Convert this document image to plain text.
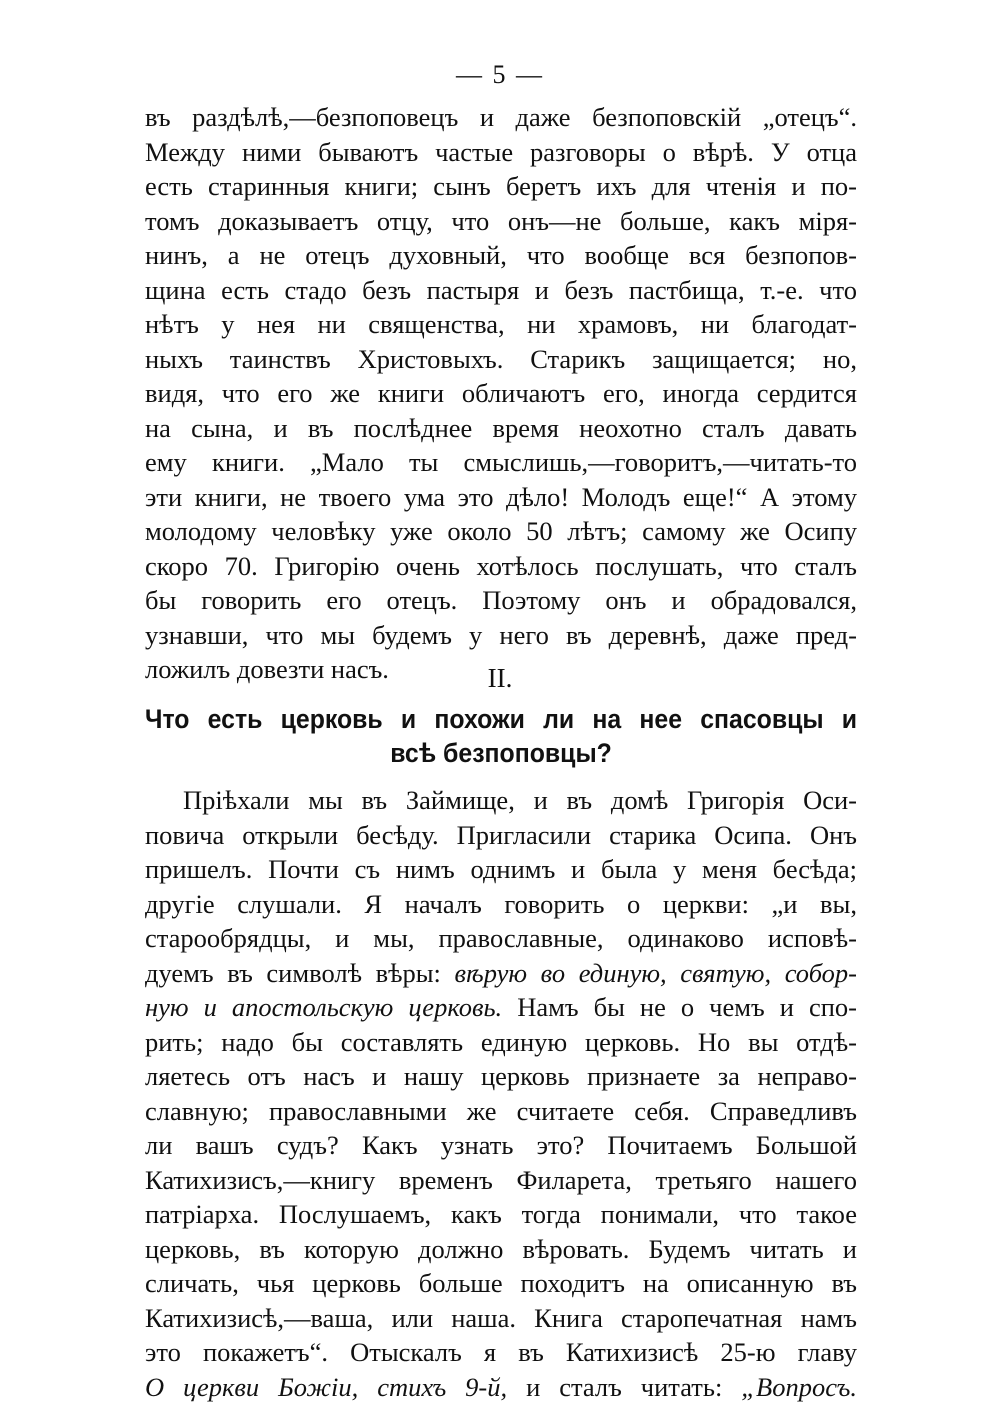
— 5 —
въ раздѣлѣ,—безпоповецъ и даже безпоповскій „отецъ“.
Между ними бываютъ частые разговоры о вѣрѣ. У отца
есть старинныя книги; сынъ беретъ ихъ для чтенія и по-
томъ доказываетъ отцу, что онъ—не больше, какъ міря-
нинъ, а не отецъ духовный, что вообще вся безпопов-
щина есть стадо безъ пастыря и безъ пастбища, т.-е. что
нѣтъ у нея ни священства, ни храмовъ, ни благодат-
ныхъ таинствъ Христовыхъ. Старикъ защищается; но,
видя, что его же книги обличаютъ его, иногда сердится
на сына, и въ послѣднее время неохотно сталъ давать
ему книги. „Мало ты смыслишь,—говоритъ,—читать-то
эти книги, не твоего ума это дѣло! Молодъ еще!“ А этому
молодому человѣку уже около 50 лѣтъ; самому же Осипу
скоро 70. Григорію очень хотѣлось послушать, что сталъ
бы говорить его отецъ. Поэтому онъ и обрадовался,
узнавши, что мы будемъ у него въ деревнѣ, даже пред-
ложилъ довезти насъ.	II.
Что есть церковь и похожи ли на нее спасовцы и
всѣ безпоповцы?
Пріѣхали мы въ Займище, и въ домѣ Григорія Оси-
повича открыли бесѣду. Пригласили старика Осипа. Онъ
пришелъ. Почти съ нимъ однимъ и была у меня бесѣда;
другіе слушали. Я началъ говорить о церкви: „и вы,
старообрядцы, и мы, православные, одинаково исповѣ-
дуемъ въ символѣ вѣры: вѣрую во единую, святую, собор-
ную и апостольскую церковь. Намъ бы не о чемъ и спо-
рить; надо бы составлять единую церковь. Но вы отдѣ-
ляетесь отъ насъ и нашу церковь признаете за неправо-
славную; православными же считаете себя. Справедливъ
ли вашъ судъ? Какъ узнать это? Почитаемъ Большой
Катихизисъ,—книгу временъ Филарета, третьяго нашего
патріарха. Послушаемъ, какъ тогда понимали, что такое
церковь, въ которую должно вѣровать. Будемъ читать и
сличать, чья церковь больше походитъ на описанную въ
Катихизисѣ,—ваша, или наша. Книга старопечатная намъ
это покажетъ“. Отыскалъ я въ Катихизисѣ 25-ю главу
О церкви Божіи, стихъ 9-й, и сталъ читать: „Вопросъ.
